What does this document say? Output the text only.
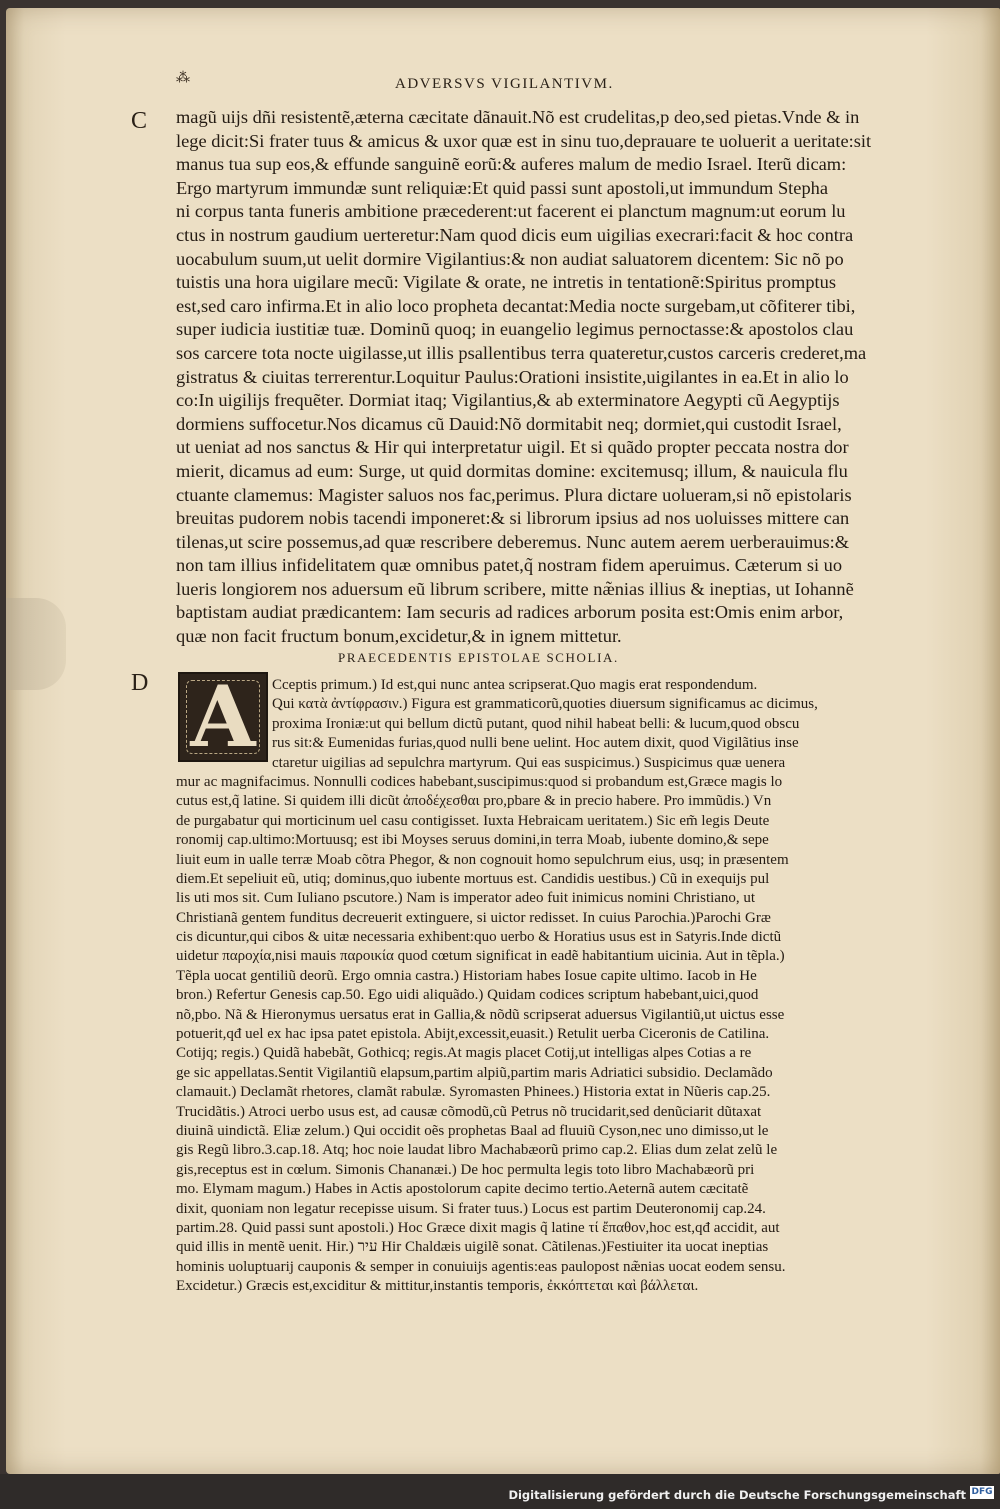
⁂	ADVERSVS VIGILANTIVM.
C
D
magũ uijs dñi resistentẽ,æterna cæcitate dãnauit.Nõ est crudelitas,p deo,sed pietas.Vnde & in
lege dicit:Si frater tuus & amicus & uxor quæ est in sinu tuo,deprauare te uoluerit a ueritate:sit
manus tua sup eos,& effunde sanguinẽ eorũ:& auferes malum de medio Israel. Iterũ dicam:
Ergo martyrum immundæ sunt reliquiæ:Et quid passi sunt apostoli,ut immundum Stepha
ni corpus tanta funeris ambitione præcederent:ut facerent ei planctum magnum:ut eorum lu
ctus in nostrum gaudium uerteretur:Nam quod dicis eum uigilias execrari:facit & hoc contra
uocabulum suum,ut uelit dormire Vigilantius:& non audiat saluatorem dicentem: Sic nõ po
tuistis una hora uigilare mecũ: Vigilate & orate, ne intretis in tentationẽ:Spiritus promptus
est,sed caro infirma.Et in alio loco propheta decantat:Media nocte surgebam,ut cõfiterer tibi,
super iudicia iustitiæ tuæ. Dominũ quoq; in euangelio legimus pernoctasse:& apostolos clau
sos carcere tota nocte uigilasse,ut illis psallentibus terra quateretur,custos carceris crederet,ma
gistratus & ciuitas terrerentur.Loquitur Paulus:Orationi insistite,uigilantes in ea.Et in alio lo
co:In uigilijs frequẽter. Dormiat itaq; Vigilantius,& ab exterminatore Aegypti cũ Aegyptijs
dormiens suffocetur.Nos dicamus cũ Dauid:Nõ dormitabit neq; dormiet,qui custodit Israel,
ut ueniat ad nos sanctus & Hir qui interpretatur uigil. Et si quãdo propter peccata nostra dor
mierit, dicamus ad eum: Surge, ut quid dormitas domine: excitemusq; illum, & nauicula flu
ctuante clamemus: Magister saluos nos fac,perimus. Plura dictare uolueram,si nõ epistolaris
breuitas pudorem nobis tacendi imponeret:& si librorum ipsius ad nos uoluisses mittere can
tilenas,ut scire possemus,ad quæ rescribere deberemus. Nunc autem aerem uerberauimus:&
non tam illius infidelitatem quæ omnibus patet,q̃ nostram fidem aperuimus. Cæterum si uo
lueris longiorem nos aduersum eũ librum scribere, mitte næ̃nias illius & ineptias, ut Iohannẽ
baptistam audiat prædicantem: Iam securis ad radices arborum posita est:Omis enim arbor,
quæ non facit fructum bonum,excidetur,& in ignem mittetur.
PRAECEDENTIS EPISTOLAE SCHOLIA.
A	Cceptis primum.) Id est,qui nunc antea scripserat.Quo magis erat respondendum.
Qui κατὰ ἀντίφρασιν.) Figura est grammaticorũ,quoties diuersum significamus ac dicimus,
proxima Ironiæ:ut qui bellum dictũ putant, quod nihil habeat belli: & lucum,quod obscu
rus sit:& Eumenidas furias,quod nulli bene uelint. Hoc autem dixit, quod Vigilãtius inse
ctaretur uigilias ad sepulchra martyrum. Qui eas suspicimus.) Suspicimus quæ uenera
mur ac magnifacimus. Nonnulli codices habebant,suscipimus:quod si probandum est,Græce magis lo
cutus est,q̃ latine. Si quidem illi dicũt ἀποδέχεσθαι pro,pbare & in precio habere. Pro immũdis.) Vn
de purgabatur qui morticinum uel casu contigisset. Iuxta Hebraicam ueritatem.) Sic em̃ legis Deute
ronomij cap.ultimo:Mortuusq; est ibi Moyses seruus domini,in terra Moab, iubente domino,& sepe
liuit eum in ualle terræ Moab cõtra Phegor, & non cognouit homo sepulchrum eius, usq; in præsentem
diem.Et sepeliuit eũ, utiq; dominus,quo iubente mortuus est. Candidis uestibus.) Cũ in exequijs pul
lis uti mos sit. Cum Iuliano pscutore.) Nam is imperator adeo fuit inimicus nomini Christiano, ut
Christianã gentem funditus decreuerit extinguere, si uictor redisset. In cuius Parochia.)Parochi Græ
cis dicuntur,qui cibos & uitæ necessaria exhibent:quo uerbo & Horatius usus est in Satyris.Inde dictũ
uidetur παροχία,nisi mauis παροικία quod cœtum significat in eadẽ habitantium uicinia. Aut in tẽpla.)
Tẽpla uocat gentiliũ deorũ. Ergo omnia castra.) Historiam habes Iosue capite ultimo. Iacob in He
bron.) Refertur Genesis cap.50. Ego uidi aliquãdo.) Quidam codices scriptum habebant,uici,quod
nõ,pbo. Nã & Hieronymus uersatus erat in Gallia,& nõdũ scripserat aduersus Vigilantiũ,ut uictus esse
potuerit,qđ uel ex hac ipsa patet epistola. Abijt,excessit,euasit.) Retulit uerba Ciceronis de Catilina.
Cotijq; regis.) Quidã habebãt, Gothicq; regis.At magis placet Cotij,ut intelligas alpes Cotias a re
ge sic appellatas.Sentit Vigilantiũ elapsum,partim alpiũ,partim maris Adriatici subsidio. Declamãdo
clamauit.) Declamãt rhetores, clamãt rabulæ. Syromasten Phinees.) Historia extat in Nũeris cap.25.
Trucidãtis.) Atroci uerbo usus est, ad causæ cõmodũ,cũ Petrus nõ trucidarit,sed denũciarit dũtaxat
diuinã uindictã. Eliæ zelum.) Qui occidit oẽs prophetas Baal ad fluuiũ Cyson,nec uno dimisso,ut le
gis Regũ libro.3.cap.18. Atq; hoc noie laudat libro Machabæorũ primo cap.2. Elias dum zelat zelũ le
gis,receptus est in cœlum. Simonis Chananæi.) De hoc permulta legis toto libro Machabæorũ pri
mo. Elymam magum.) Habes in Actis apostolorum capite decimo tertio.Aeternã autem cæcitatẽ
dixit, quoniam non legatur recepisse uisum. Si frater tuus.) Locus est partim Deuteronomij cap.24.
partim.28. Quid passi sunt apostoli.) Hoc Græce dixit magis q̃ latine τί ἔπαθον,hoc est,qđ accidit, aut
quid illis in mentẽ uenit. Hir.) עיר Hir Chaldæis uigilẽ sonat. Cãtilenas.)Festiuiter ita uocat ineptias
hominis uoluptuarij cauponis & semper in conuiuijs agentis:eas paulopost næ̃nias uocat eodem sensu.
Excidetur.) Græcis est,exciditur & mittitur,instantis temporis, ἐκκόπτεται καὶ βάλλεται.
Digitalisierung gefördert durch die Deutsche Forschungsgemeinschaft DFG
